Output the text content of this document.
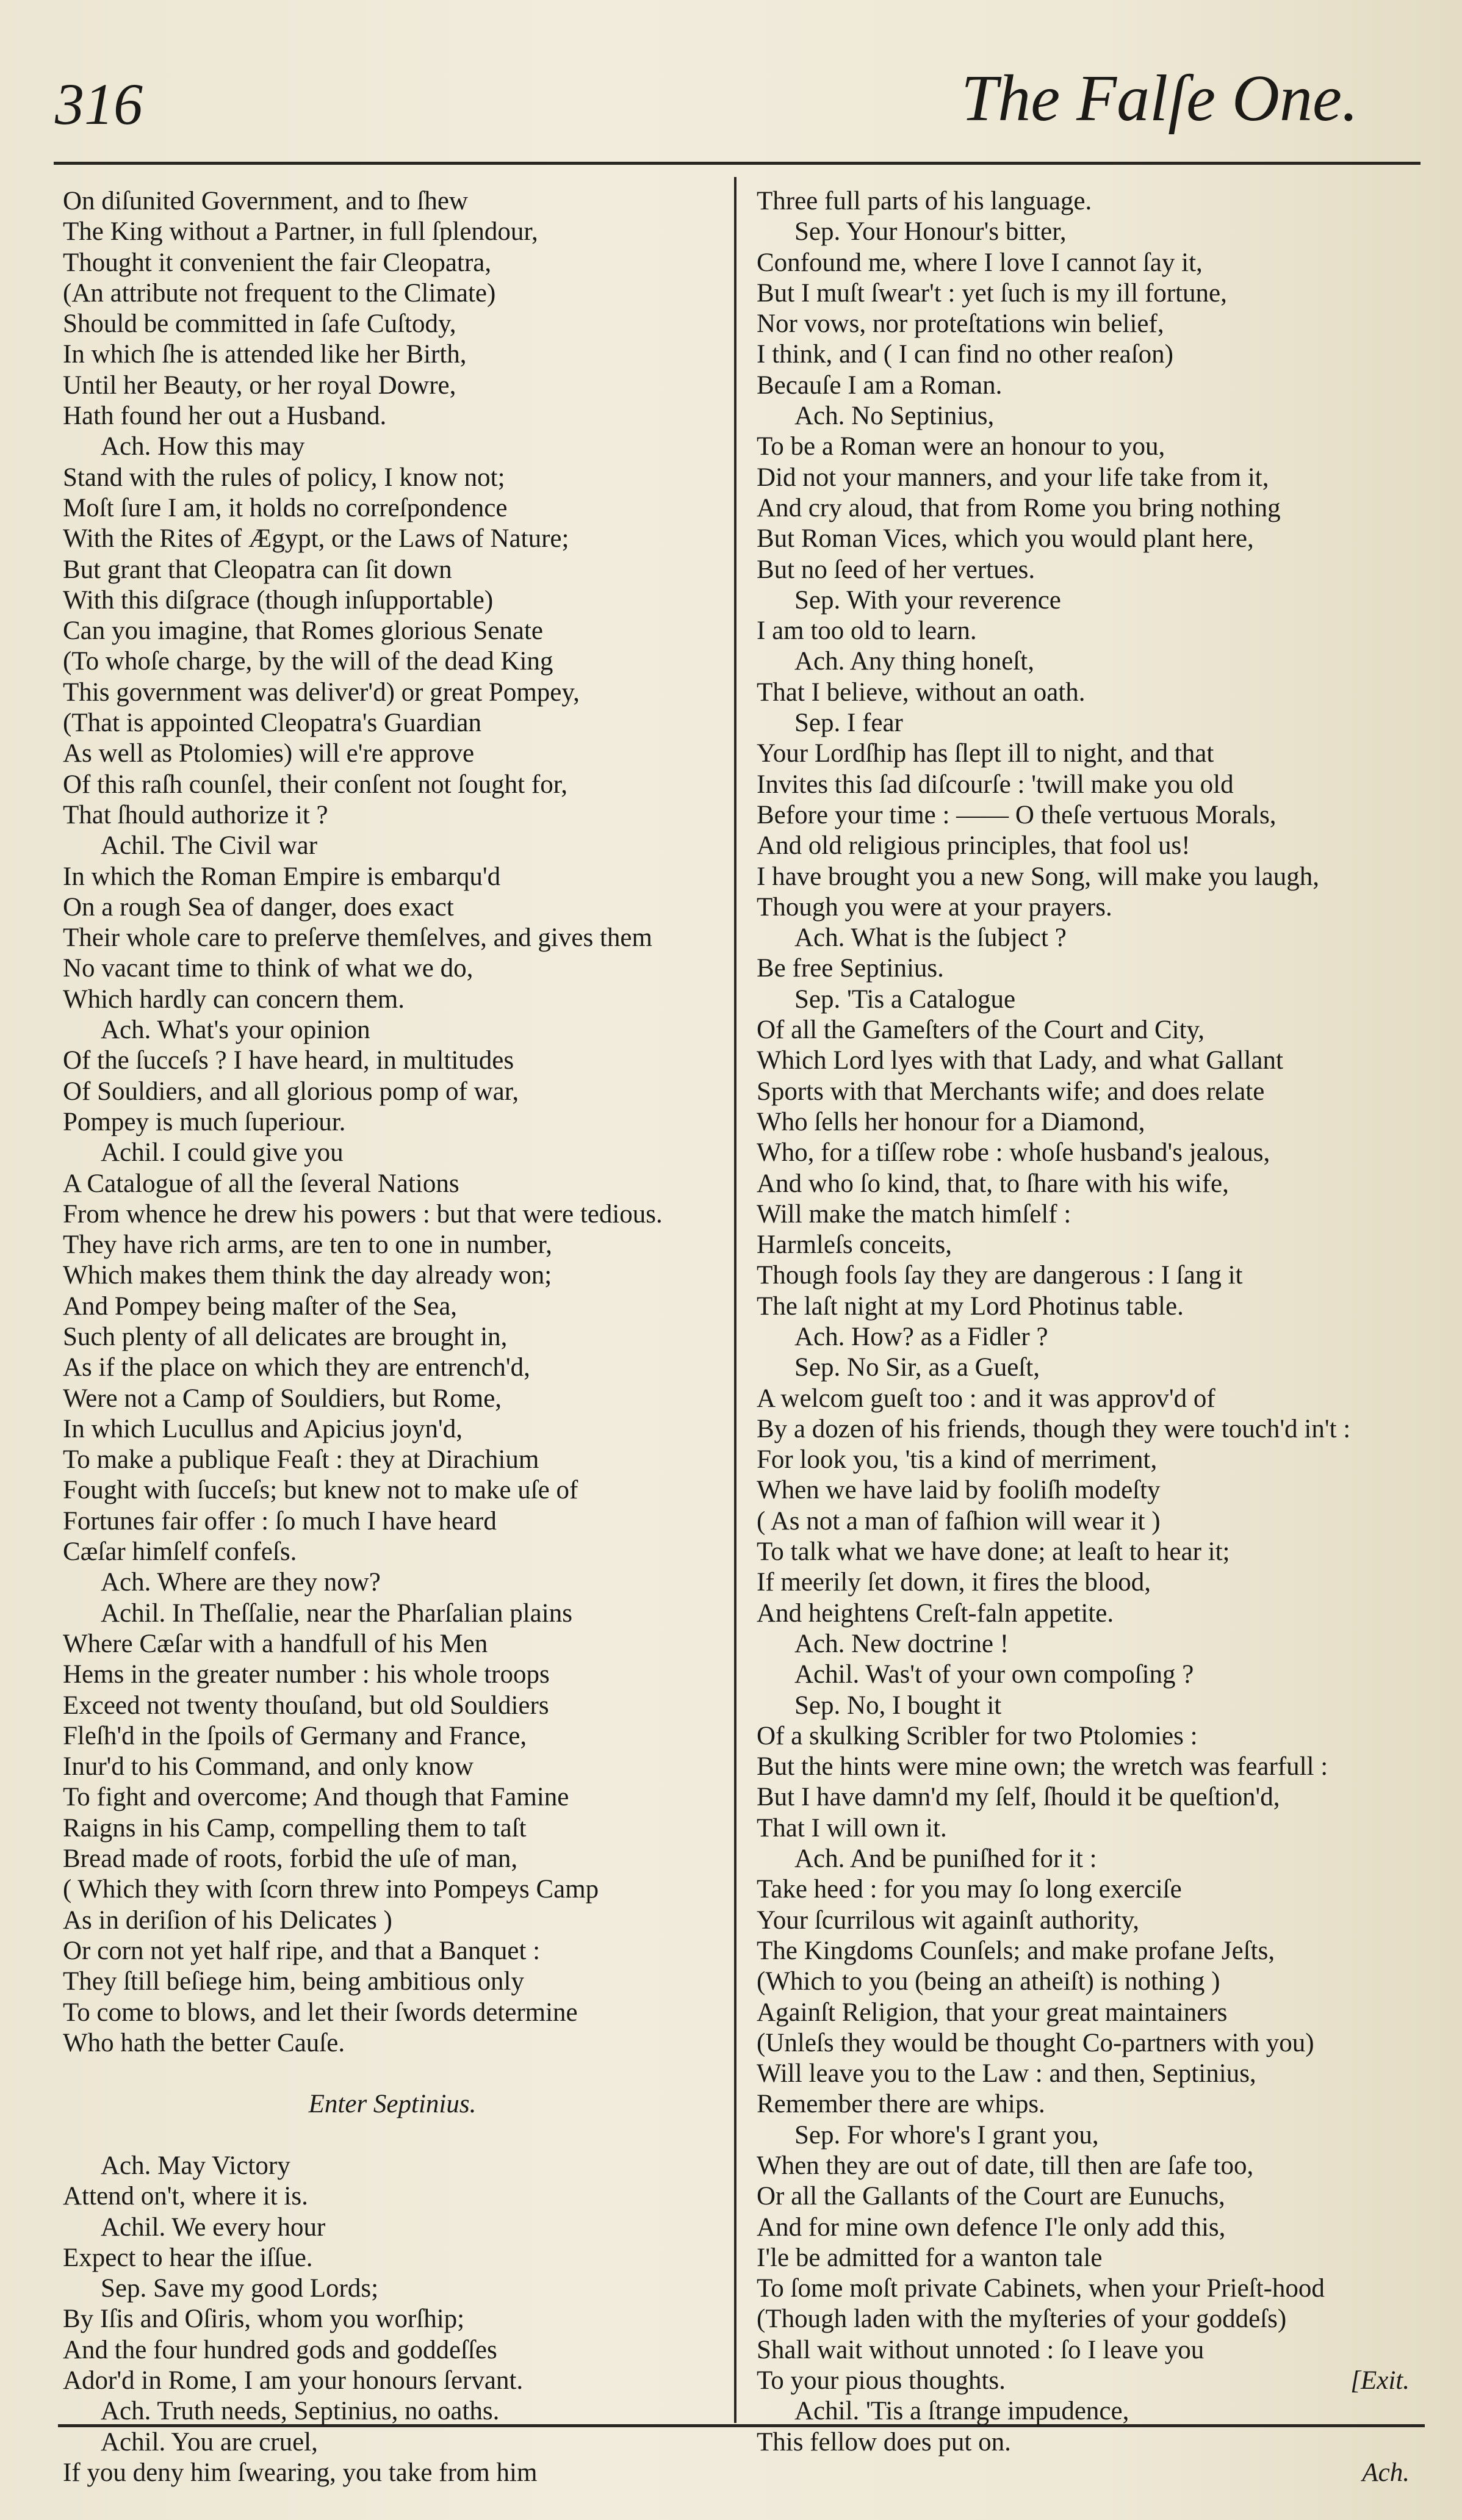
316	The Falſe One.
On diſunited Government, and to ſhew
The King without a Partner, in full ſplendour,
Thought it convenient the fair Cleopatra,
(An attribute not frequent to the Climate)
Should be committed in ſafe Cuſtody,
In which ſhe is attended like her Birth,
Until her Beauty, or her royal Dowre,
Hath found her out a Husband.
Ach. How this may
Stand with the rules of policy, I know not;
Moſt ſure I am, it holds no correſpondence
With the Rites of Ægypt, or the Laws of Nature;
But grant that Cleopatra can ſit down
With this diſgrace (though inſupportable)
Can you imagine, that Romes glorious Senate
(To whoſe charge, by the will of the dead King
This government was deliver'd) or great Pompey,
(That is appointed Cleopatra's Guardian
As well as Ptolomies) will e're approve
Of this raſh counſel, their conſent not ſought for,
That ſhould authorize it ?
Achil. The Civil war
In which the Roman Empire is embarqu'd
On a rough Sea of danger, does exact
Their whole care to preſerve themſelves, and gives them
No vacant time to think of what we do,
Which hardly can concern them.
Ach. What's your opinion
Of the ſucceſs ? I have heard, in multitudes
Of Souldiers, and all glorious pomp of war,
Pompey is much ſuperiour.
Achil. I could give you
A Catalogue of all the ſeveral Nations
From whence he drew his powers : but that were tedious.
They have rich arms, are ten to one in number,
Which makes them think the day already won;
And Pompey being maſter of the Sea,
Such plenty of all delicates are brought in,
As if the place on which they are entrench'd,
Were not a Camp of Souldiers, but Rome,
In which Lucullus and Apicius joyn'd,
To make a publique Feaſt : they at Dirachium
Fought with ſucceſs; but knew not to make uſe of
Fortunes fair offer : ſo much I have heard
Cæſar himſelf confeſs.
Ach. Where are they now?
Achil. In Theſſalie, near the Pharſalian plains
Where Cæſar with a handfull of his Men
Hems in the greater number : his whole troops
Exceed not twenty thouſand, but old Souldiers
Fleſh'd in the ſpoils of Germany and France,
Inur'd to his Command, and only know
To fight and overcome; And though that Famine
Raigns in his Camp, compelling them to taſt
Bread made of roots, forbid the uſe of man,
( Which they with ſcorn threw into Pompeys Camp
As in deriſion of his Delicates )
Or corn not yet half ripe, and that a Banquet :
They ſtill beſiege him, being ambitious only
To come to blows, and let their ſwords determine
Who hath the better Cauſe.
Enter Septinius.
Ach. May Victory
Attend on't, where it is.
Achil. We every hour
Expect to hear the iſſue.
Sep. Save my good Lords;
By Iſis and Oſiris, whom you worſhip;
And the four hundred gods and goddeſſes
Ador'd in Rome, I am your honours ſervant.
Ach. Truth needs, Septinius, no oaths.
Achil. You are cruel,
If you deny him ſwearing, you take from him
Three full parts of his language.
Sep. Your Honour's bitter,
Confound me, where I love I cannot ſay it,
But I muſt ſwear't : yet ſuch is my ill fortune,
Nor vows, nor proteſtations win belief,
I think, and ( I can find no other reaſon)
Becauſe I am a Roman.
Ach. No Septinius,
To be a Roman were an honour to you,
Did not your manners, and your life take from it,
And cry aloud, that from Rome you bring nothing
But Roman Vices, which you would plant here,
But no ſeed of her vertues.
Sep. With your reverence
I am too old to learn.
Ach. Any thing honeſt,
That I believe, without an oath.
Sep. I fear
Your Lordſhip has ſlept ill to night, and that
Invites this ſad diſcourſe : 'twill make you old
Before your time : —— O theſe vertuous Morals,
And old religious principles, that fool us!
I have brought you a new Song, will make you laugh,
Though you were at your prayers.
Ach. What is the ſubject ?
Be free Septinius.
Sep. 'Tis a Catalogue
Of all the Gameſters of the Court and City,
Which Lord lyes with that Lady, and what Gallant
Sports with that Merchants wife; and does relate
Who ſells her honour for a Diamond,
Who, for a tiſſew robe : whoſe husband's jealous,
And who ſo kind, that, to ſhare with his wife,
Will make the match himſelf :
Harmleſs conceits,
Though fools ſay they are dangerous : I ſang it
The laſt night at my Lord Photinus table.
Ach. How? as a Fidler ?
Sep. No Sir, as a Gueſt,
A welcom gueſt too : and it was approv'd of
By a dozen of his friends, though they were touch'd in't :
For look you, 'tis a kind of merriment,
When we have laid by fooliſh modeſty
( As not a man of faſhion will wear it )
To talk what we have done; at leaſt to hear it;
If meerily ſet down, it fires the blood,
And heightens Creſt-faln appetite.
Ach. New doctrine !
Achil. Was't of your own compoſing ?
Sep. No, I bought it
Of a skulking Scribler for two Ptolomies :
But the hints were mine own; the wretch was fearfull :
But I have damn'd my ſelf, ſhould it be queſtion'd,
That I will own it.
Ach. And be puniſhed for it :
Take heed : for you may ſo long exerciſe
Your ſcurrilous wit againſt authority,
The Kingdoms Counſels; and make profane Jeſts,
(Which to you (being an atheiſt) is nothing )
Againſt Religion, that your great maintainers
(Unleſs they would be thought Co-partners with you)
Will leave you to the Law : and then, Septinius,
Remember there are whips.
Sep. For whore's I grant you,
When they are out of date, till then are ſafe too,
Or all the Gallants of the Court are Eunuchs,
And for mine own defence I'le only add this,
I'le be admitted for a wanton tale
To ſome moſt private Cabinets, when your Prieſt-hood
(Though laden with the myſteries of your goddeſs)
Shall wait without unnoted : ſo I leave you
To your pious thoughts.	[Exit.
Achil. 'Tis a ſtrange impudence,
This fellow does put on.
Ach.
